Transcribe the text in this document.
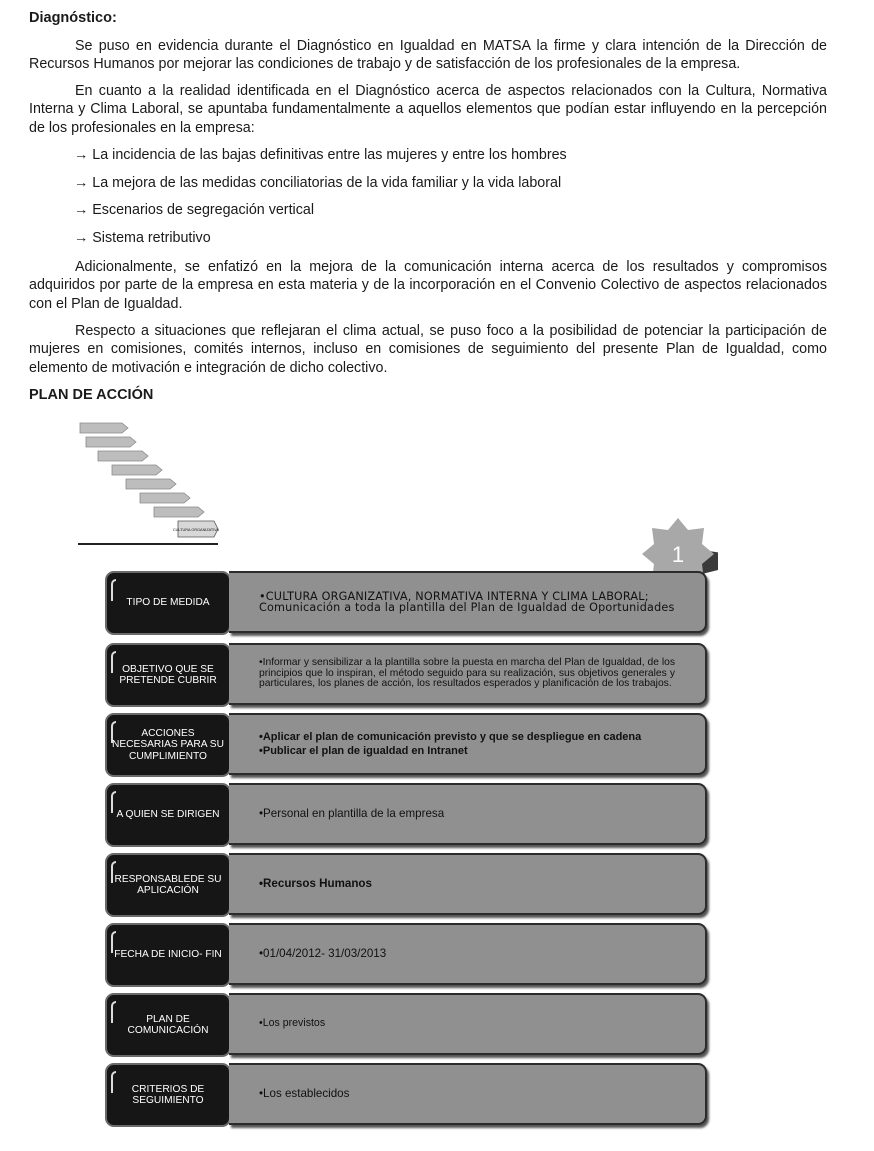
Diagnóstico:

Se puso en evidencia durante el Diagnóstico en Igualdad en MATSA la firme y clara intención de la Dirección de Recursos Humanos por mejorar las condiciones de trabajo y de satisfacción de los profesionales de la empresa.

En cuanto a la realidad identificada en el Diagnóstico acerca de aspectos relacionados con la Cultura, Normativa Interna y Clima Laboral, se apuntaba fundamentalmente a aquellos elementos que podían estar influyendo en la percepción de los profesionales en la empresa:

→ La incidencia de las bajas definitivas entre las mujeres y entre los hombres
→ La mejora de las medidas conciliatorias de la vida familiar y la vida laboral
→ Escenarios de segregación vertical
→ Sistema retributivo

Adicionalmente, se enfatizó en la mejora de la comunicación interna acerca de los resultados y compromisos adquiridos por parte de la empresa en esta materia y de la incorporación en el Convenio Colectivo de aspectos relacionados con el Plan de Igualdad.

Respecto a situaciones que reflejaran el clima actual, se puso foco a la posibilidad de potenciar la participación de mujeres en comisiones, comités internos, incluso en comisiones de seguimiento del presente Plan de Igualdad, como elemento de motivación e integración de dicho colectivo.

PLAN DE ACCIÓN
CULTURA ORGANIZATIVA
1
TIPO DE MEDIDA
•CULTURA ORGANIZATIVA, NORMATIVA INTERNA Y CLIMA LABORAL; Comunicación a toda la plantilla del Plan de Igualdad de Oportunidades
OBJETIVO QUE SE
PRETENDE CUBRIR
•Informar y sensibilizar a la plantilla sobre la puesta en marcha del Plan de Igualdad, de los principios que lo inspiran, el método seguido para su realización, sus objetivos generales y particulares, los planes de acción, los resultados esperados y planificación de los trabajos.
ACCIONES
NECESARIAS PARA SU
CUMPLIMIENTO
•Aplicar el plan de comunicación previsto y que se despliegue en cadena
•Publicar el plan de igualdad en Intranet
A QUIEN SE DIRIGEN	•Personal en plantilla de la empresa
RESPONSABLEDE SU
APLICACIÓN
•Recursos Humanos
FECHA DE INICIO- FIN	•01/04/2012- 31/03/2013
PLAN DE
COMUNICACIÓN
•Los previstos
CRITERIOS DE
SEGUIMIENTO
•Los establecidos
